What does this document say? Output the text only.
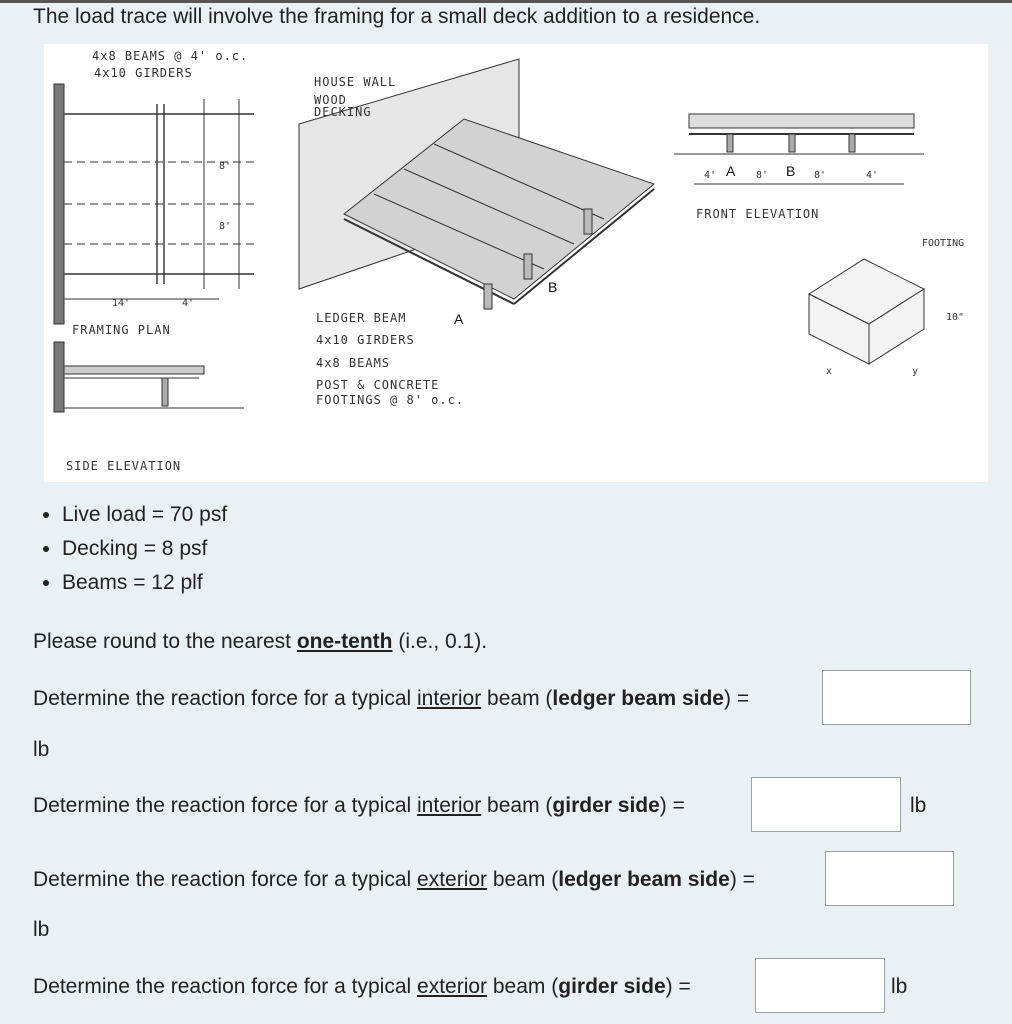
The load trace will involve the framing for a small deck addition to a residence.
4x8 BEAMS @ 4' o.c.
4x10 GIRDERS
14'	4'
8'
8'
FRAMING PLAN
SIDE ELEVATION
HOUSE WALL
WOOD
DECKING
LEDGER BEAM
4x10 GIRDERS
4x8 BEAMS
POST & CONCRETE
FOOTINGS @ 8' o.c.
A
B
A	B
4'	8'	8'	4'
FRONT ELEVATION
FOOTING
10"
x	y
• Live load = 70 psf
• Decking = 8 psf
• Beams = 12 plf
Please round to the nearest one-tenth (i.e., 0.1).
Determine the reaction force for a typical interior beam (ledger beam side) =
lb
Determine the reaction force for a typical interior beam (girder side) =	lb
Determine the reaction force for a typical exterior beam (ledger beam side) =
lb
Determine the reaction force for a typical exterior beam (girder side) =	lb
